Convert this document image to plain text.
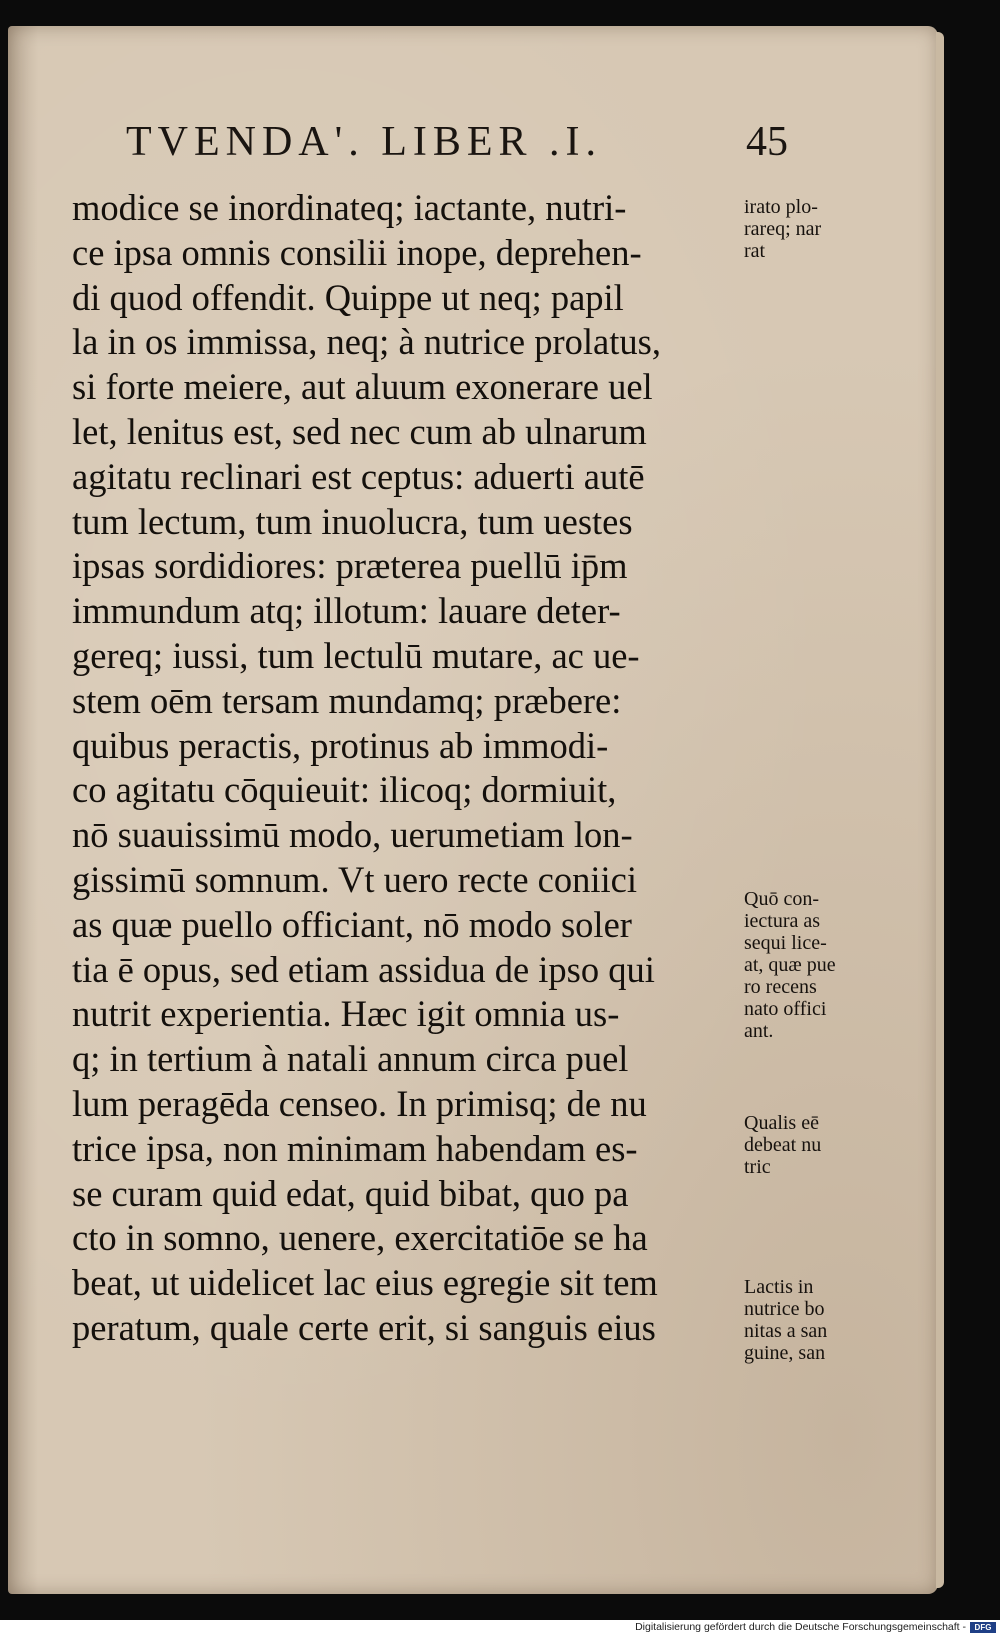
TVENDA'. LIBER .I.	45
modice se inordinateq; iactante, nutri-
ce ipsa omnis consilii inope, deprehen-
di quod offendit. Quippe ut neq; papil
la in os immissa, neq; à nutrice prolatus,
si forte meiere, aut aluum exonerare uel
let, lenitus est, sed nec cum ab ulnarum
agitatu reclinari est ceptus: aduerti autē
tum lectum, tum inuolucra, tum uestes
ipsas sordidiores: præterea puellū ip̄m
immundum atq; illotum: lauare deter-
gereq; iussi, tum lectulū mutare, ac ue-
stem oēm tersam mundamq; præbere:
quibus peractis, protinus ab immodi-
co agitatu cōquieuit: ilicoq; dormiuit,
nō suauissimū modo, uerumetiam lon-
gissimū somnum. Vt uero recte coniici
as quæ puello officiant, nō modo soler
tia ē opus, sed etiam assidua de ipso qui
nutrit experientia. Hæc igit omnia us-
q; in tertium à natali annum circa puel
lum peragēda censeo. In primisq; de nu
trice ipsa, non minimam habendam es-
se curam quid edat, quid bibat, quo pa
cto in somno, uenere, exercitatiōe se ha
beat, ut uidelicet lac eius egregie sit tem
peratum, quale certe erit, si sanguis eius
irato plo-
rareq; nar
rat
Quō con-
iectura as
sequi lice-
at, quæ pue
ro recens
nato offici
ant.
Qualis eē
debeat nu
tric
Lactis in
nutrice bo
nitas a san
guine, san
Digitalisierung gefördert durch die Deutsche Forschungsgemeinschaft -	DFG
